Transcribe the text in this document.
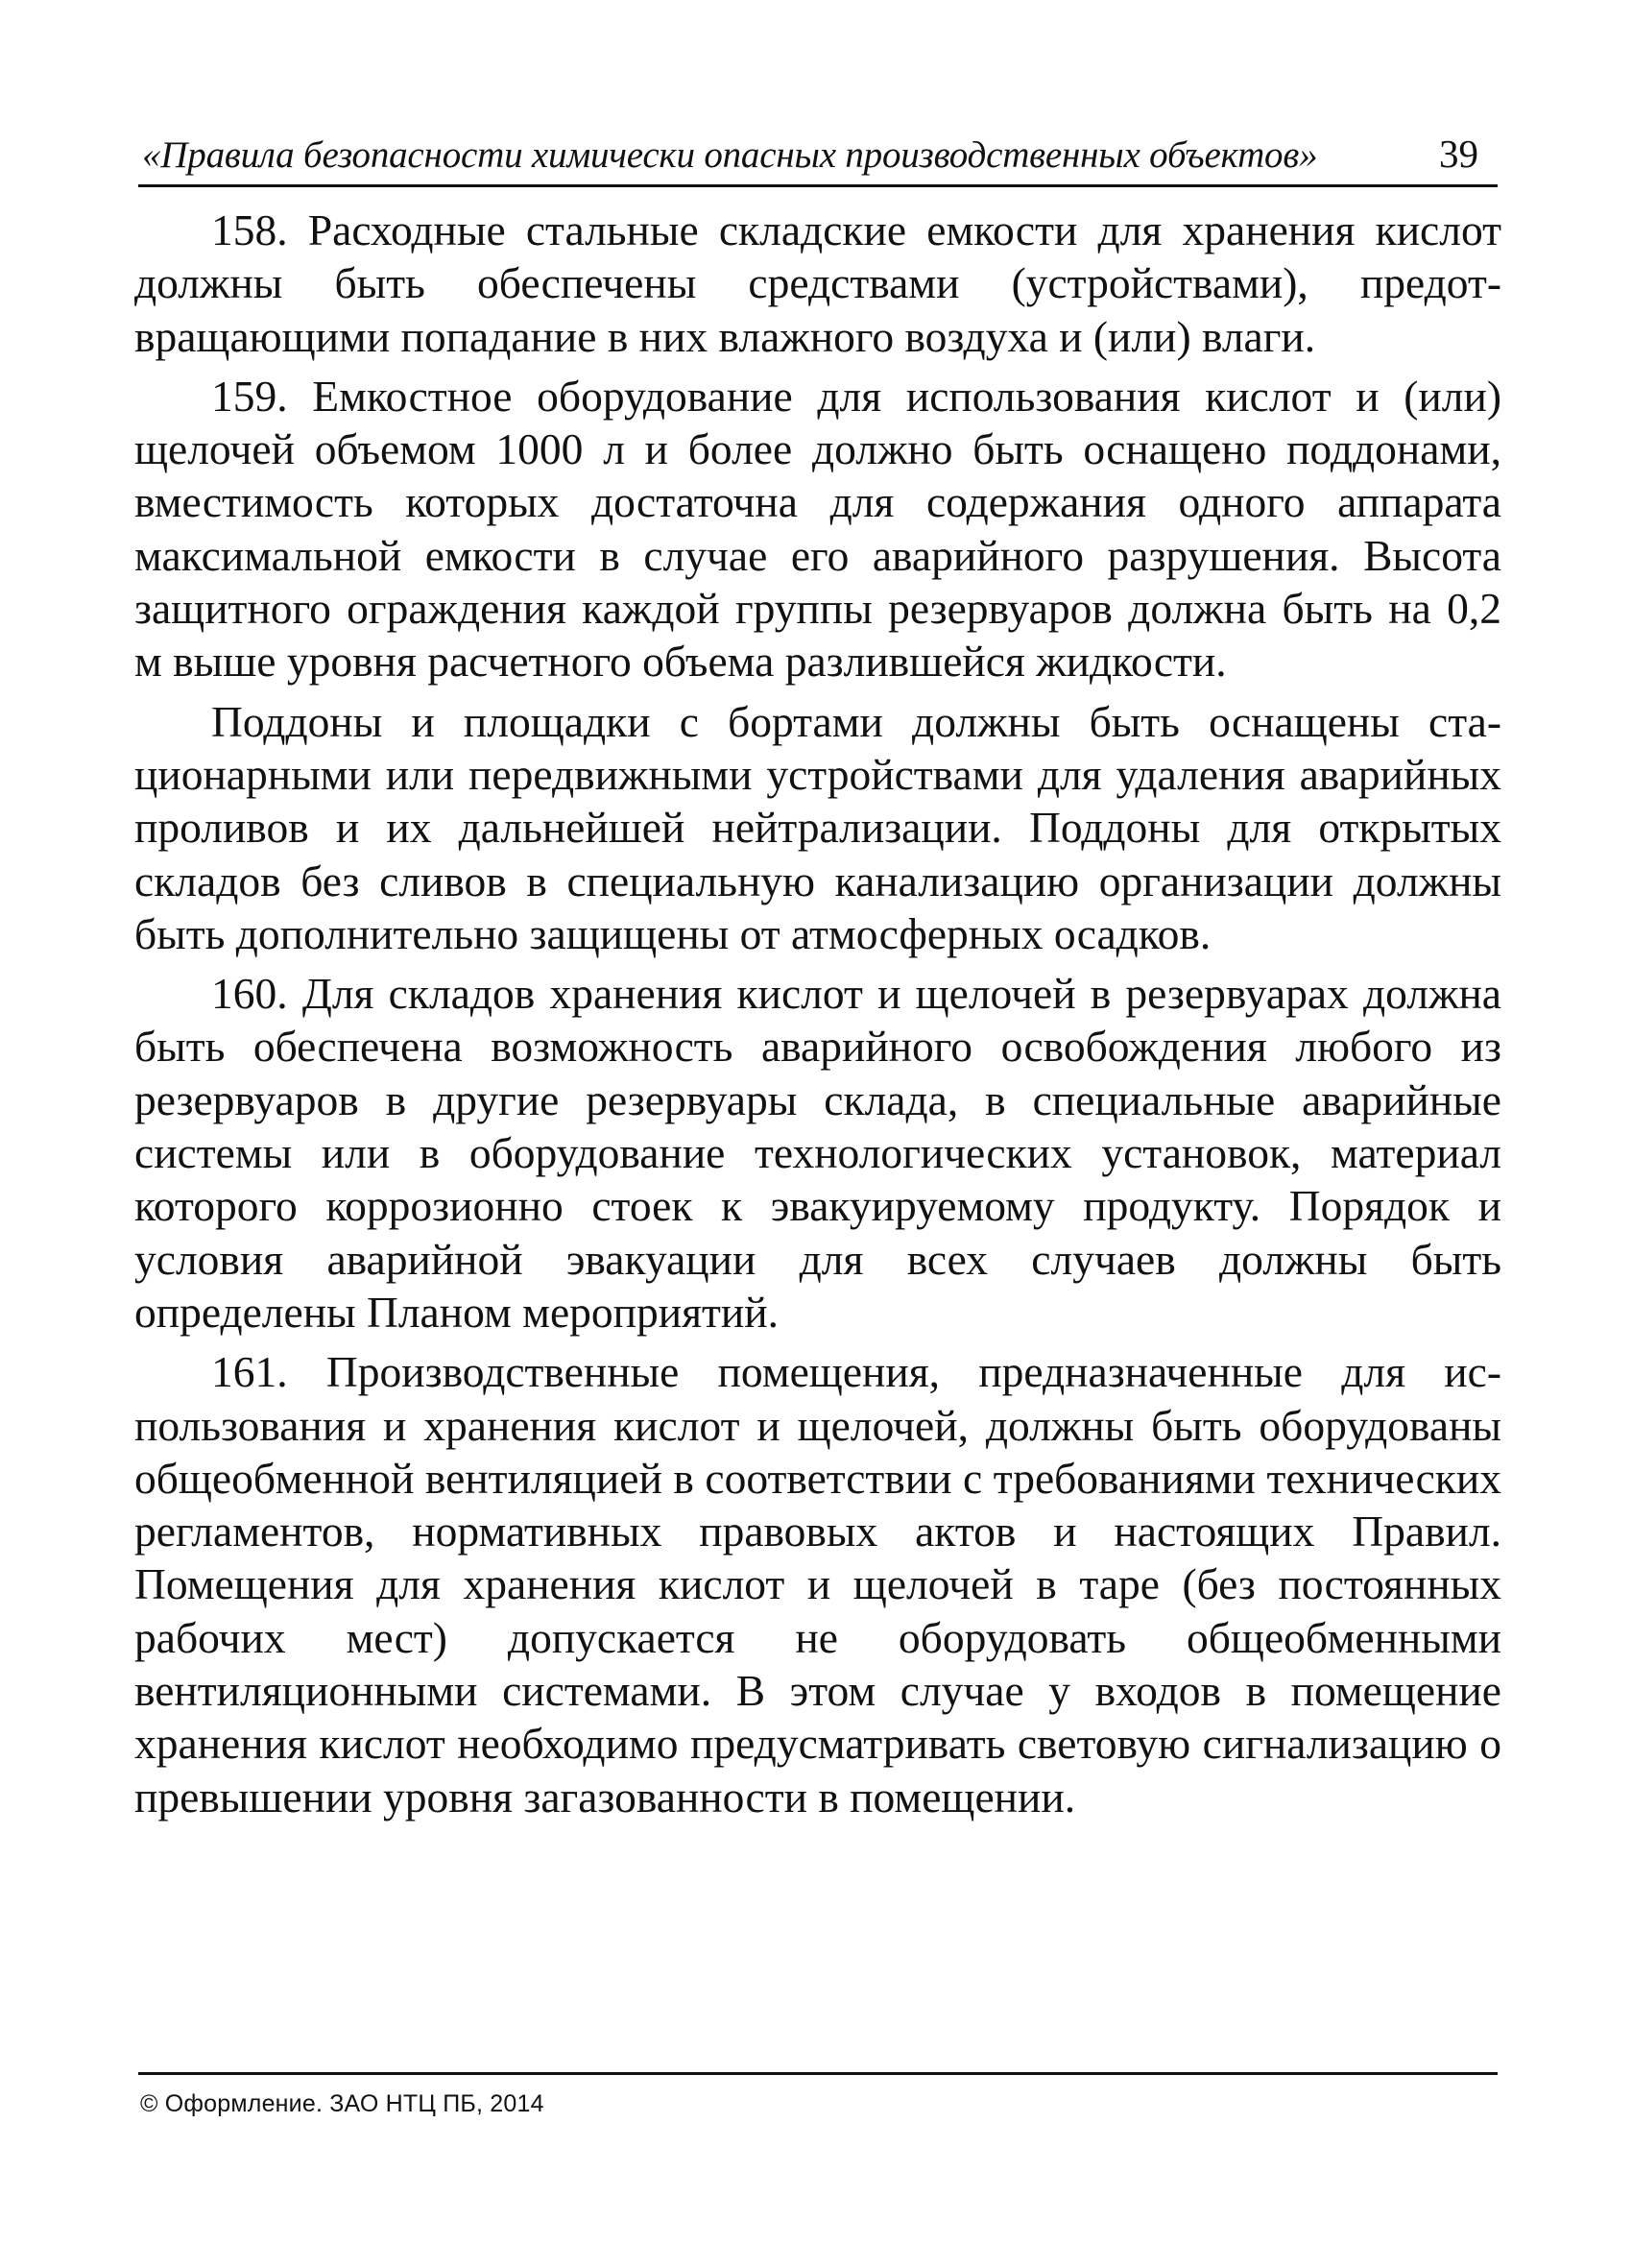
«Правила безопасности химически опасных производственных объектов»	39

158. Расходные стальные складские емкости для хранения кислот должны быть обеспечены средствами (устройствами), предотвращающими попадание в них влажного воздуха и (или) влаги.

159. Емкостное оборудование для использования кислот и (или) щелочей объемом 1000 л и более должно быть оснащено поддонами, вместимость которых достаточна для содержания одного аппарата максимальной емкости в случае его аварийного разрушения. Высота защитного ограждения каждой группы резервуаров должна быть на 0,2 м выше уровня расчетного объема разлившейся жидкости.

Поддоны и площадки с бортами должны быть оснащены стационарными или передвижными устройствами для удаления аварийных проливов и их дальнейшей нейтрализации. Поддоны для открытых складов без сливов в специальную канализацию организации должны быть дополнительно защищены от атмосферных осадков.

160. Для складов хранения кислот и щелочей в резервуарах должна быть обеспечена возможность аварийного освобождения любого из резервуаров в другие резервуары склада, в специальные аварийные системы или в оборудование технологических установок, материал которого коррозионно стоек к эвакуируемому продукту. Порядок и условия аварийной эвакуации для всех случаев должны быть определены Планом мероприятий.

161. Производственные помещения, предназначенные для использования и хранения кислот и щелочей, должны быть оборудованы общеобменной вентиляцией в соответствии с требованиями технических регламентов, нормативных правовых актов и настоящих Правил. Помещения для хранения кислот и щелочей в таре (без постоянных рабочих мест) допускается не оборудовать общеобменными вентиляционными системами. В этом случае у входов в помещение хранения кислот необходимо предусматривать световую сигнализацию о превышении уровня загазованности в помещении.

© Оформление. ЗАО НТЦ ПБ, 2014
